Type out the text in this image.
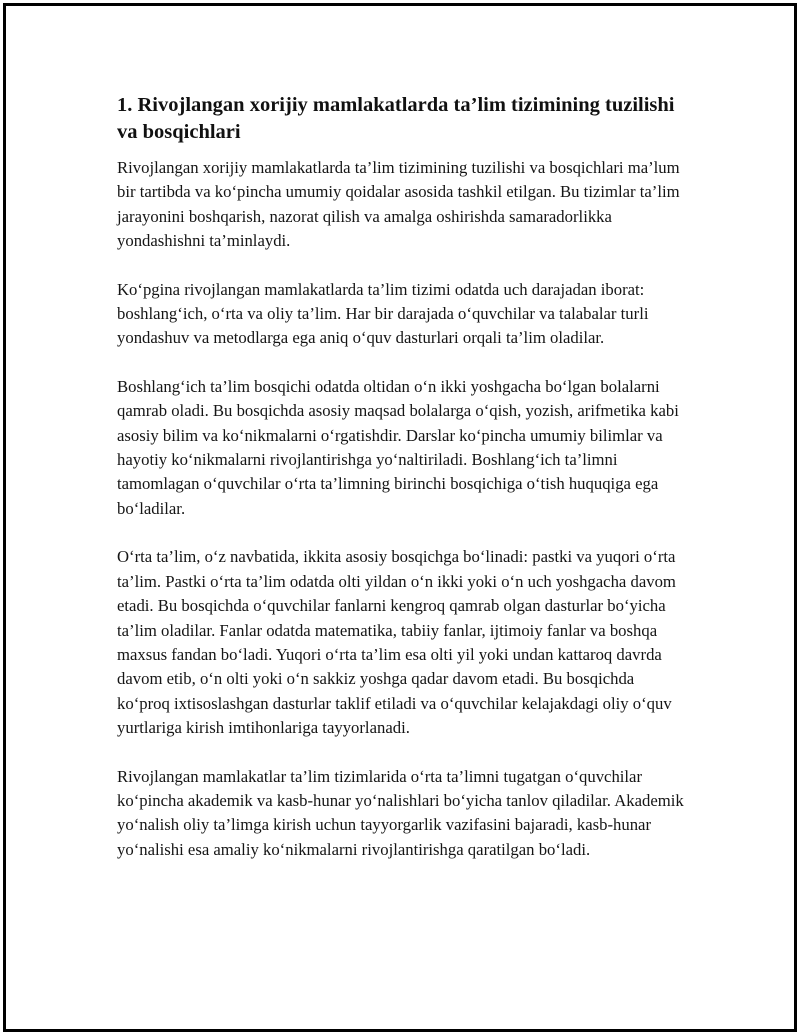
1. Rivojlangan xorijiy mamlakatlarda ta’lim tizimining tuzilishi va bosqichlari

Rivojlangan xorijiy mamlakatlarda ta’lim tizimining tuzilishi va bosqichlari ma’lum bir tartibda va ko‘pincha umumiy qoidalar asosida tashkil etilgan. Bu tizimlar ta’lim jarayonini boshqarish, nazorat qilish va amalga oshirishda samaradorlikka yondashishni ta’minlaydi.

Ko‘pgina rivojlangan mamlakatlarda ta’lim tizimi odatda uch darajadan iborat: boshlang‘ich, o‘rta va oliy ta’lim. Har bir darajada o‘quvchilar va talabalar turli yondashuv va metodlarga ega aniq o‘quv dasturlari orqali ta’lim oladilar.

Boshlang‘ich ta’lim bosqichi odatda oltidan o‘n ikki yoshgacha bo‘lgan bolalarni qamrab oladi. Bu bosqichda asosiy maqsad bolalarga o‘qish, yozish, arifmetika kabi asosiy bilim va ko‘nikmalarni o‘rgatishdir. Darslar ko‘pincha umumiy bilimlar va hayotiy ko‘nikmalarni rivojlantirishga yo‘naltiriladi. Boshlang‘ich ta’limni tamomlagan o‘quvchilar o‘rta ta’limning birinchi bosqichiga o‘tish huquqiga ega bo‘ladilar.

O‘rta ta’lim, o‘z navbatida, ikkita asosiy bosqichga bo‘linadi: pastki va yuqori o‘rta ta’lim. Pastki o‘rta ta’lim odatda olti yildan o‘n ikki yoki o‘n uch yoshgacha davom etadi. Bu bosqichda o‘quvchilar fanlarni kengroq qamrab olgan dasturlar bo‘yicha ta’lim oladilar. Fanlar odatda matematika, tabiiy fanlar, ijtimoiy fanlar va boshqa maxsus fandan bo‘ladi. Yuqori o‘rta ta’lim esa olti yil yoki undan kattaroq davrda davom etib, o‘n olti yoki o‘n sakkiz yoshga qadar davom etadi. Bu bosqichda ko‘proq ixtisoslashgan dasturlar taklif etiladi va o‘quvchilar kelajakdagi oliy o‘quv yurtlariga kirish imtihonlariga tayyorlanadi.

Rivojlangan mamlakatlar ta’lim tizimlarida o‘rta ta’limni tugatgan o‘quvchilar ko‘pincha akademik va kasb-hunar yo‘nalishlari bo‘yicha tanlov qiladilar. Akademik yo‘nalish oliy ta’limga kirish uchun tayyorgarlik vazifasini bajaradi, kasb-hunar yo‘nalishi esa amaliy ko‘nikmalarni rivojlantirishga qaratilgan bo‘ladi.
